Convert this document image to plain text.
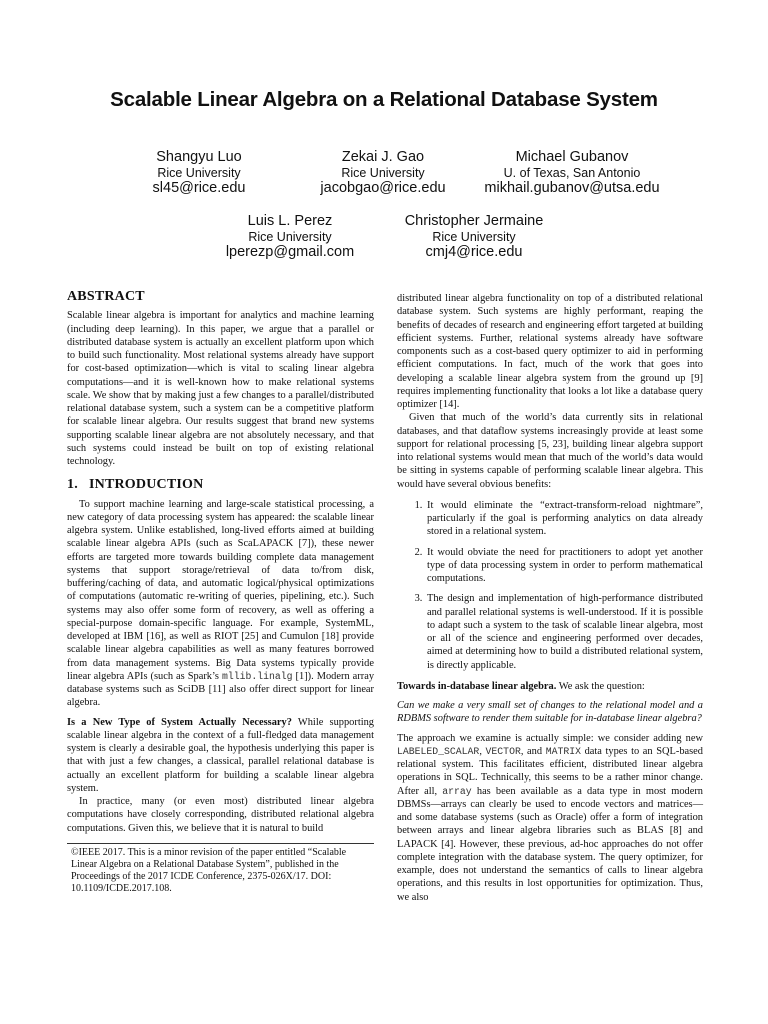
Scalable Linear Algebra on a Relational Database System
Shangyu Luo
Rice University
sl45@rice.edu
Zekai J. Gao
Rice University
jacobgao@rice.edu
Michael Gubanov
U. of Texas, San Antonio
mikhail.gubanov@utsa.edu
Luis L. Perez
Rice University
lperezp@gmail.com
Christopher Jermaine
Rice University
cmj4@rice.edu
ABSTRACT

Scalable linear algebra is important for analytics and machine learning (including deep learning). In this paper, we argue that a parallel or distributed database system is actually an excellent platform upon which to build such functionality. Most relational systems already have support for cost-based optimization—which is vital to scaling linear algebra computations—and it is well-known how to make relational systems scale. We show that by making just a few changes to a parallel/distributed relational database system, such a system can be a competitive platform for scalable linear algebra. Our results suggest that brand new systems supporting scalable linear algebra are not absolutely necessary, and that such systems could instead be built on top of existing relational technology.

1.   INTRODUCTION

To support machine learning and large-scale statistical processing, a new category of data processing system has appeared: the scalable linear algebra system. Unlike established, long-lived efforts aimed at building scalable linear algebra APIs (such as ScaLAPACK [7]), these newer efforts are targeted more towards building complete data management systems that support storage/retrieval of data to/from disk, buffering/caching of data, and automatic logical/physical optimizations of computations (automatic re-writing of queries, pipelining, etc.). Such systems may also offer some form of recovery, as well as offering a special-purpose domain-specific language. For example, SystemML, developed at IBM [16], as well as RIOT [25] and Cumulon [18] provide scalable linear algebra capabilities as well as many features borrowed from data management systems. Big Data systems typically provide linear algebra APIs (such as Spark’s mllib.linalg [1]). Modern array database systems such as SciDB [11] also offer direct support for linear algebra.

Is a New Type of System Actually Necessary? While supporting scalable linear algebra in the context of a full-fledged data management system is clearly a desirable goal, the hypothesis underlying this paper is that with just a few changes, a classical, parallel relational database is actually an excellent platform for building a scalable linear algebra system.

In practice, many (or even most) distributed linear algebra computations have closely corresponding, distributed relational algebra computations. Given this, we believe that it is natural to build

©IEEE 2017. This is a minor revision of the paper entitled “Scalable Linear Algebra on a Relational Database System”, published in the Proceedings of the 2017 ICDE Conference, 2375-026X/17. DOI: 10.1109/ICDE.2017.108.

distributed linear algebra functionality on top of a distributed relational database system. Such systems are highly performant, reaping the benefits of decades of research and engineering effort targeted at building efficient systems. Further, relational systems already have software components such as a cost-based query optimizer to aid in performing efficient computations. In fact, much of the work that goes into developing a scalable linear algebra system from the ground up [9] requires implementing functionality that looks a lot like a database query optimizer [14].

Given that much of the world’s data currently sits in relational databases, and that dataflow systems increasingly provide at least some support for relational processing [5, 23], building linear algebra support into relational systems would mean that much of the world’s data would be sitting in systems capable of performing scalable linear algebra. This would have several obvious benefits:

1. It would eliminate the “extract-transform-reload nightmare”, particularly if the goal is performing analytics on data already stored in a relational system.
2. It would obviate the need for practitioners to adopt yet another type of data processing system in order to perform mathematical computations.
3. The design and implementation of high-performance distributed and parallel relational systems is well-understood. If it is possible to adapt such a system to the task of scalable linear algebra, most or all of the science and engineering performed over decades, aimed at determining how to build a distributed relational system, is directly applicable.

Towards in-database linear algebra. We ask the question:

Can we make a very small set of changes to the relational model and a RDBMS software to render them suitable for in-database linear algebra?

The approach we examine is actually simple: we consider adding new LABELED_SCALAR, VECTOR, and MATRIX data types to an SQL-based relational system. This facilitates efficient, distributed linear algebra operations in SQL. Technically, this seems to be a rather minor change. After all, array has been available as a data type in most modern DBMSs—arrays can clearly be used to encode vectors and matrices—and some database systems (such as Oracle) offer a form of integration between arrays and linear algebra libraries such as BLAS [8] and LAPACK [4]. However, these previous, ad-hoc approaches do not offer complete integration with the database system. The query optimizer, for example, does not understand the semantics of calls to linear algebra operations, and this results in lost opportunities for optimization. Thus, we also
